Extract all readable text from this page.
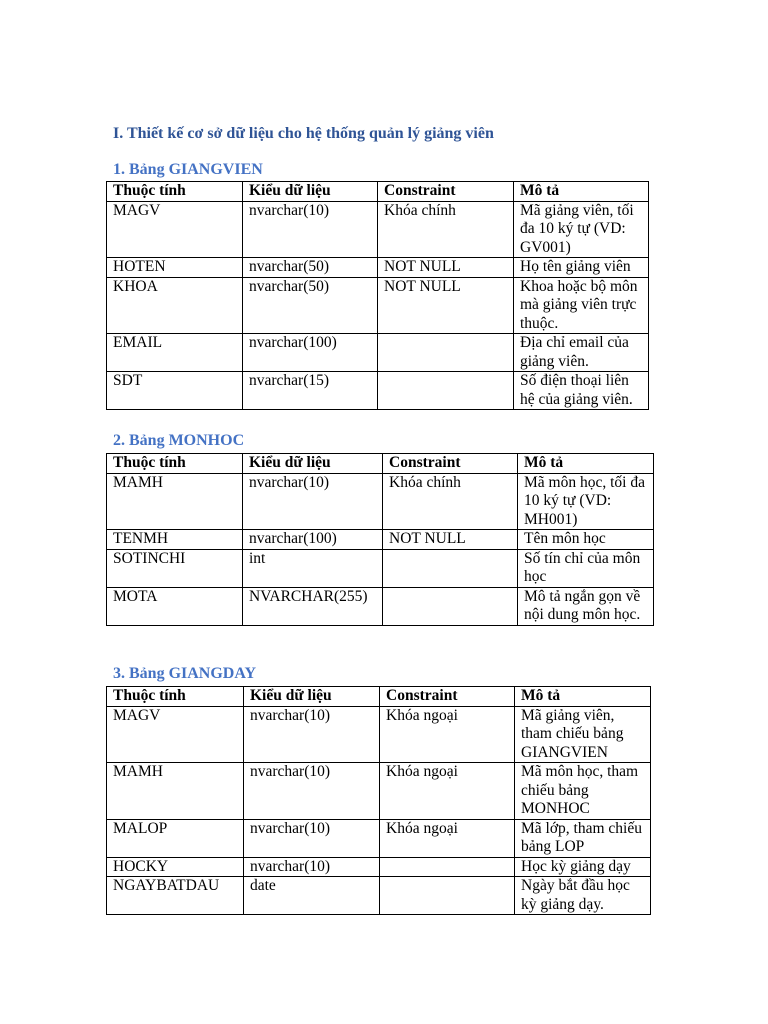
I. Thiết kế cơ sở dữ liệu cho hệ thống quản lý giảng viên
1. Bảng GIANGVIEN
Thuộc tính	Kiểu dữ liệu	Constraint	Mô tả
MAGV	nvarchar(10)	Khóa chính	Mã giảng viên, tối đa 10 ký tự (VD: GV001)
HOTEN	nvarchar(50)	NOT NULL	Họ tên giảng viên
KHOA	nvarchar(50)	NOT NULL	Khoa hoặc bộ môn mà giảng viên trực thuộc.
EMAIL	nvarchar(100)		Địa chỉ email của giảng viên.
SDT	nvarchar(15)		Số điện thoại liên hệ của giảng viên.
2. Bảng MONHOC
Thuộc tính	Kiểu dữ liệu	Constraint	Mô tả
MAMH	nvarchar(10)	Khóa chính	Mã môn học, tối đa 10 ký tự (VD: MH001)
TENMH	nvarchar(100)	NOT NULL	Tên môn học
SOTINCHI	int		Số tín chỉ của môn học
MOTA	NVARCHAR(255)		Mô tả ngắn gọn về nội dung môn học.
3. Bảng GIANGDAY
Thuộc tính	Kiểu dữ liệu	Constraint	Mô tả
MAGV	nvarchar(10)	Khóa ngoại	Mã giảng viên, tham chiếu bảng GIANGVIEN
MAMH	nvarchar(10)	Khóa ngoại	Mã môn học, tham chiếu bảng MONHOC
MALOP	nvarchar(10)	Khóa ngoại	Mã lớp, tham chiếu bảng LOP
HOCKY	nvarchar(10)		Học kỳ giảng dạy
NGAYBATDAU	date		Ngày bắt đầu học kỳ giảng dạy.
